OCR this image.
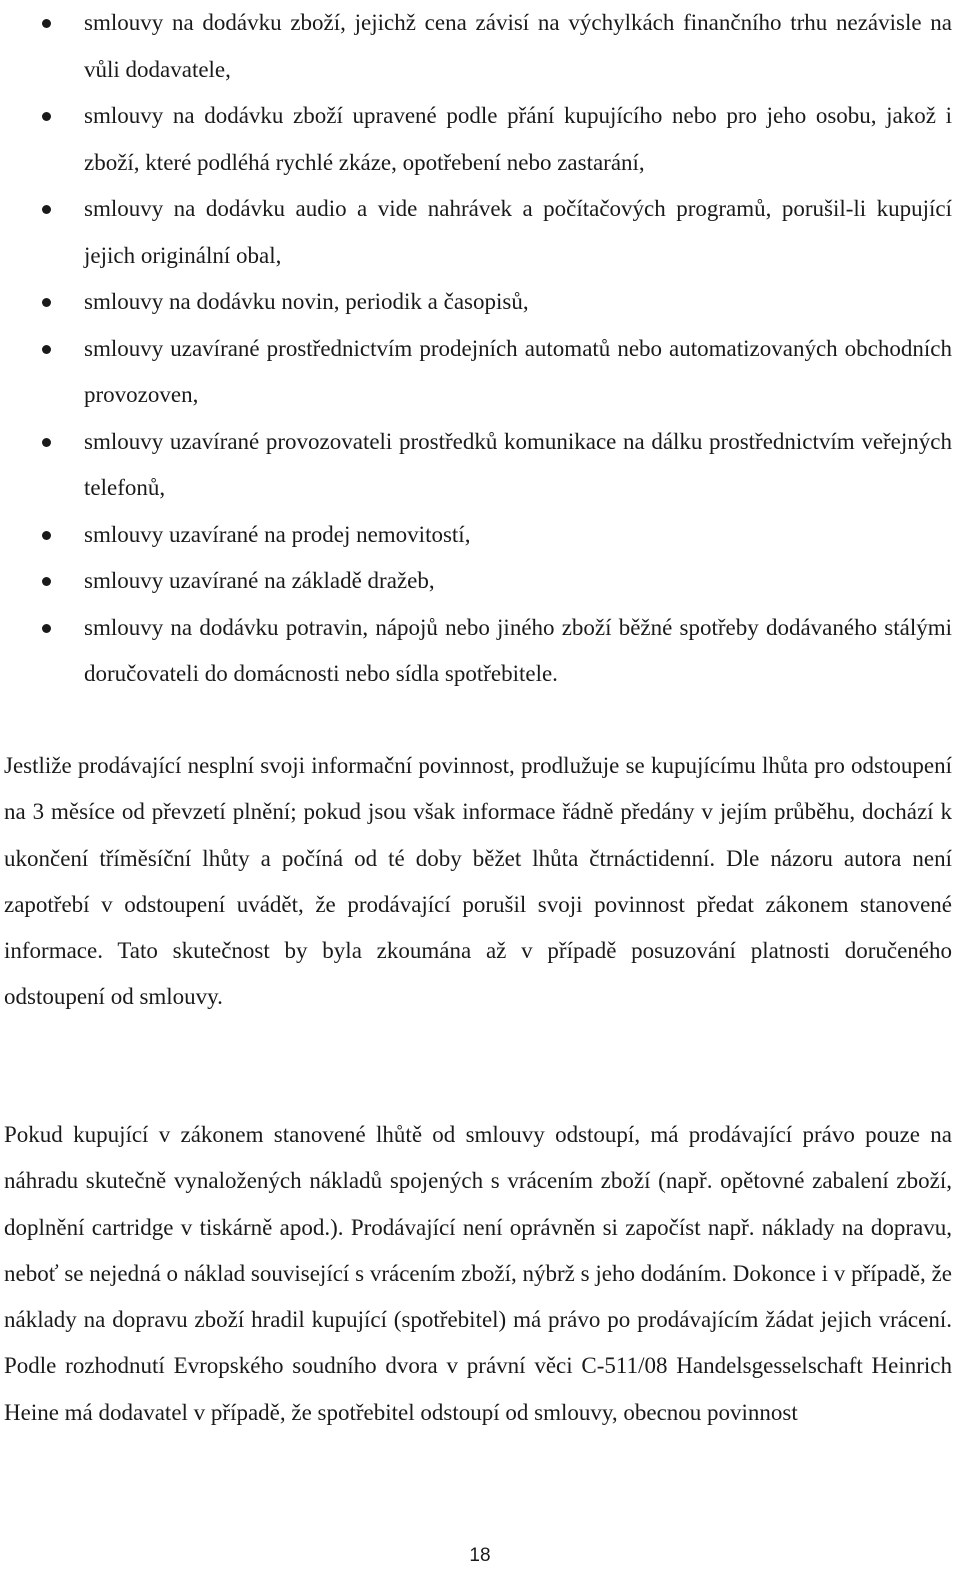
smlouvy na dodávku zboží, jejichž cena závisí na výchylkách finančního trhu nezávisle na vůli dodavatele,
smlouvy na dodávku zboží upravené podle přání kupujícího nebo pro jeho osobu, jakož i zboží, které podléhá rychlé zkáze, opotřebení nebo zastarání,
smlouvy na dodávku audio a vide nahrávek a počítačových programů, porušil-li kupující jejich originální obal,
smlouvy na dodávku novin, periodik a časopisů,
smlouvy uzavírané prostřednictvím prodejních automatů nebo automatizovaných obchodních provozoven,
smlouvy uzavírané provozovateli prostředků komunikace na dálku prostřednictvím veřejných telefonů,
smlouvy uzavírané na prodej nemovitostí,
smlouvy uzavírané na základě dražeb,
smlouvy na dodávku potravin, nápojů nebo jiného zboží běžné spotřeby dodávaného stálými doručovateli do domácnosti nebo sídla spotřebitele.

Jestliže prodávající nesplní svoji informační povinnost, prodlužuje se kupujícímu lhůta pro odstoupení na 3 měsíce od převzetí plnění; pokud jsou však informace řádně předány v jejím průběhu, dochází k ukončení tříměsíční lhůty a počíná od té doby běžet lhůta čtrnáctidenní. Dle názoru autora není zapotřebí v odstoupení uvádět, že prodávající porušil svoji povinnost předat zákonem stanovené informace. Tato skutečnost by byla zkoumána až v případě posuzování platnosti doručeného odstoupení od smlouvy.

Pokud kupující v zákonem stanovené lhůtě od smlouvy odstoupí, má prodávající právo pouze na náhradu skutečně vynaložených nákladů spojených s vrácením zboží (např. opětovné zabalení zboží, doplnění cartridge v tiskárně apod.). Prodávající není oprávněn si započíst např. náklady na dopravu, neboť se nejedná o náklad související s vrácením zboží, nýbrž s jeho dodáním. Dokonce i v případě, že náklady na dopravu zboží hradil kupující (spotřebitel) má právo po prodávajícím žádat jejich vrácení. Podle rozhodnutí Evropského soudního dvora v právní věci C-511/08 Handelsgesselschaft Heinrich Heine má dodavatel v případě, že spotřebitel odstoupí od smlouvy, obecnou povinnost

18
